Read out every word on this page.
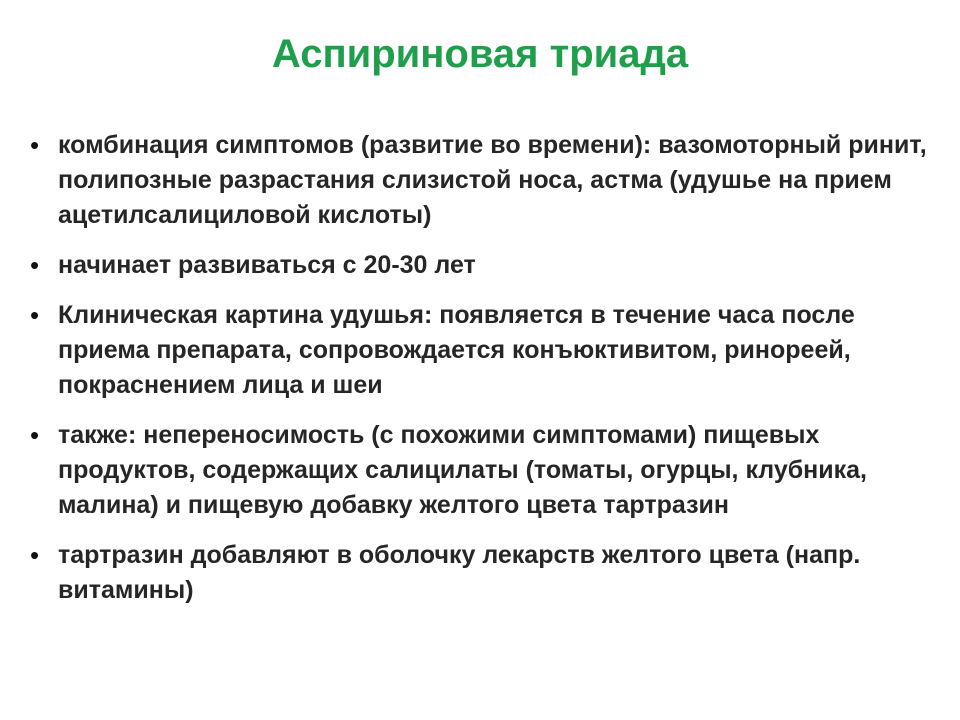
Аспириновая триада
• комбинация симптомов (развитие во времени): вазомоторный ринит, полипозные разрастания слизистой носа, астма (удушье на прием ацетилсалициловой кислоты)
• начинает развиваться с 20-30 лет
• Клиническая картина удушья: появляется в течение часа после приема препарата, сопровождается конъюктивитом, ринореей, покраснением лица и шеи
• также: непереносимость (с похожими симптомами) пищевых продуктов, содержащих салицилаты (томаты, огурцы, клубника, малина) и пищевую добавку желтого цвета тартразин
• тартразин добавляют в оболочку лекарств желтого цвета (напр. витамины)
